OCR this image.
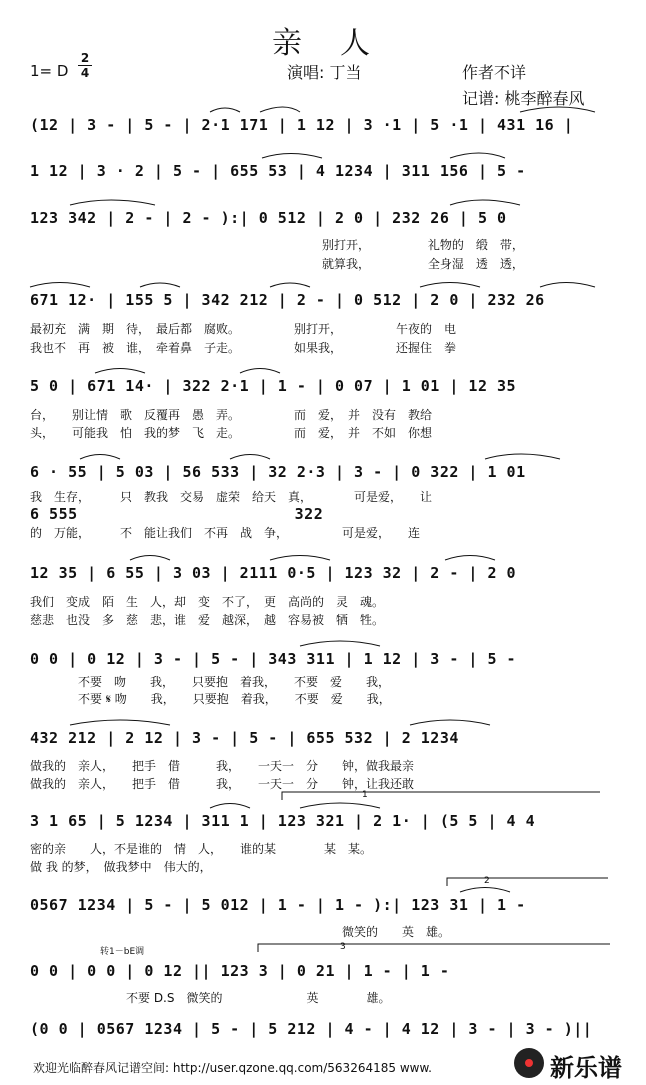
亲　人
1= D
2
4	演唱: 丁当	作者不详
记谱: 桃李醉春风
(12 | 3 - | 5 - | 2·1 171 | 1 12 | 3 ·1 | 5 ·1 | 431 16 |
1 12 | 3 · 2 | 5 - | 655 53 | 4 1234 | 311 156 | 5 -
123 342 | 2 - | 2 - ):| 0 512 | 2 0 | 232 26 | 5 0
别打开，　　　　　 礼物的　缎　带，
就算我，　　　　　 全身湿　透　透，
671 12· | 155 5 | 342 212 | 2 - | 0 512 | 2 0 | 232 26
最初充　满　期　待，　最后都　腐败。　　　　　别打开，　　　　　午夜的　电
我也不　再　被　谁，　牵着鼻　子走。　　　　　如果我，　　　　　还握住　拳
5 0 | 671 14· | 322 2·1 | 1 - | 0 07 | 1 01 | 12 35
台，　　别让情　歌　反覆再　愚　弄。　　　　　而　爱，　并　没有　教给
头，　　可能我　怕　我的梦　飞　走。　　　　　而　爱，　并　不如　你想
6 · 55 | 5 03 | 56 533 | 32 2·3 | 3 - | 0 322 | 1 01
我　生存，　　　只　教我　交易　虚荣　给天　真，　　　　可是爱，　　让
6 555　　　　　　　　　　　　　　322
的　万能，　　　不　能让我们　不再　战　争，　　　　　可是爱，　　连
12 35 | 6 55 | 3 03 | 2111 0·5 | 123 32 | 2 - | 2 0
我们　变成　陌　生　人，却　变　不了，　更　高尚的　灵　魂。
慈悲　也没　多　慈　悲，谁　爱　越深，　越　容易被　牺　牲。
0 0 | 0 12 | 3 - | 5 - | 343 311 | 1 12 | 3 - | 5 -
　　　　不要　吻　　我，　　只要抱　着我，　　不要　爱　　我，
　　　　不要 𝄋 吻　　我，　　只要抱　着我，　　不要　爱　　我，
432 212 | 2 12 | 3 - | 5 - | 655 532 | 2 1234
做我的　亲人，　　把手　借　　　我，　　一天一　分　　钟，做我最亲
做我的　亲人，　　把手　借　　　我，　　一天一　分　　钟，让我还敢
1
3 1 65 | 5 1234 | 311 1 | 123 321 | 2 1· | (5 5 | 4 4
密的亲　　人，不是谁的　情　人，　　谁的某　　　　某　某。
做 我 的梦，　做我梦中　伟大的，
2
0567 1234 | 5 - | 5 012 | 1 - | 1 - ):| 123 31 | 1 -
　　　　　　　　　　　　　　　　　　　　　　　　　　微笑的　　英　雄。
转1－bE调	3
0 0 | 0 0 | 0 12 || 123 3 | 0 21 | 1 - | 1 -
　　　　　　　　不要 D.S　微笑的　　　　　　　英　　　　雄。
(0 0 | 0567 1234 | 5 - | 5 212 | 4 - | 4 12 | 3 - | 3 - )||
欢迎光临醉春风记谱空间: http://user.qzone.qq.com/563264185 www.	新乐谱
